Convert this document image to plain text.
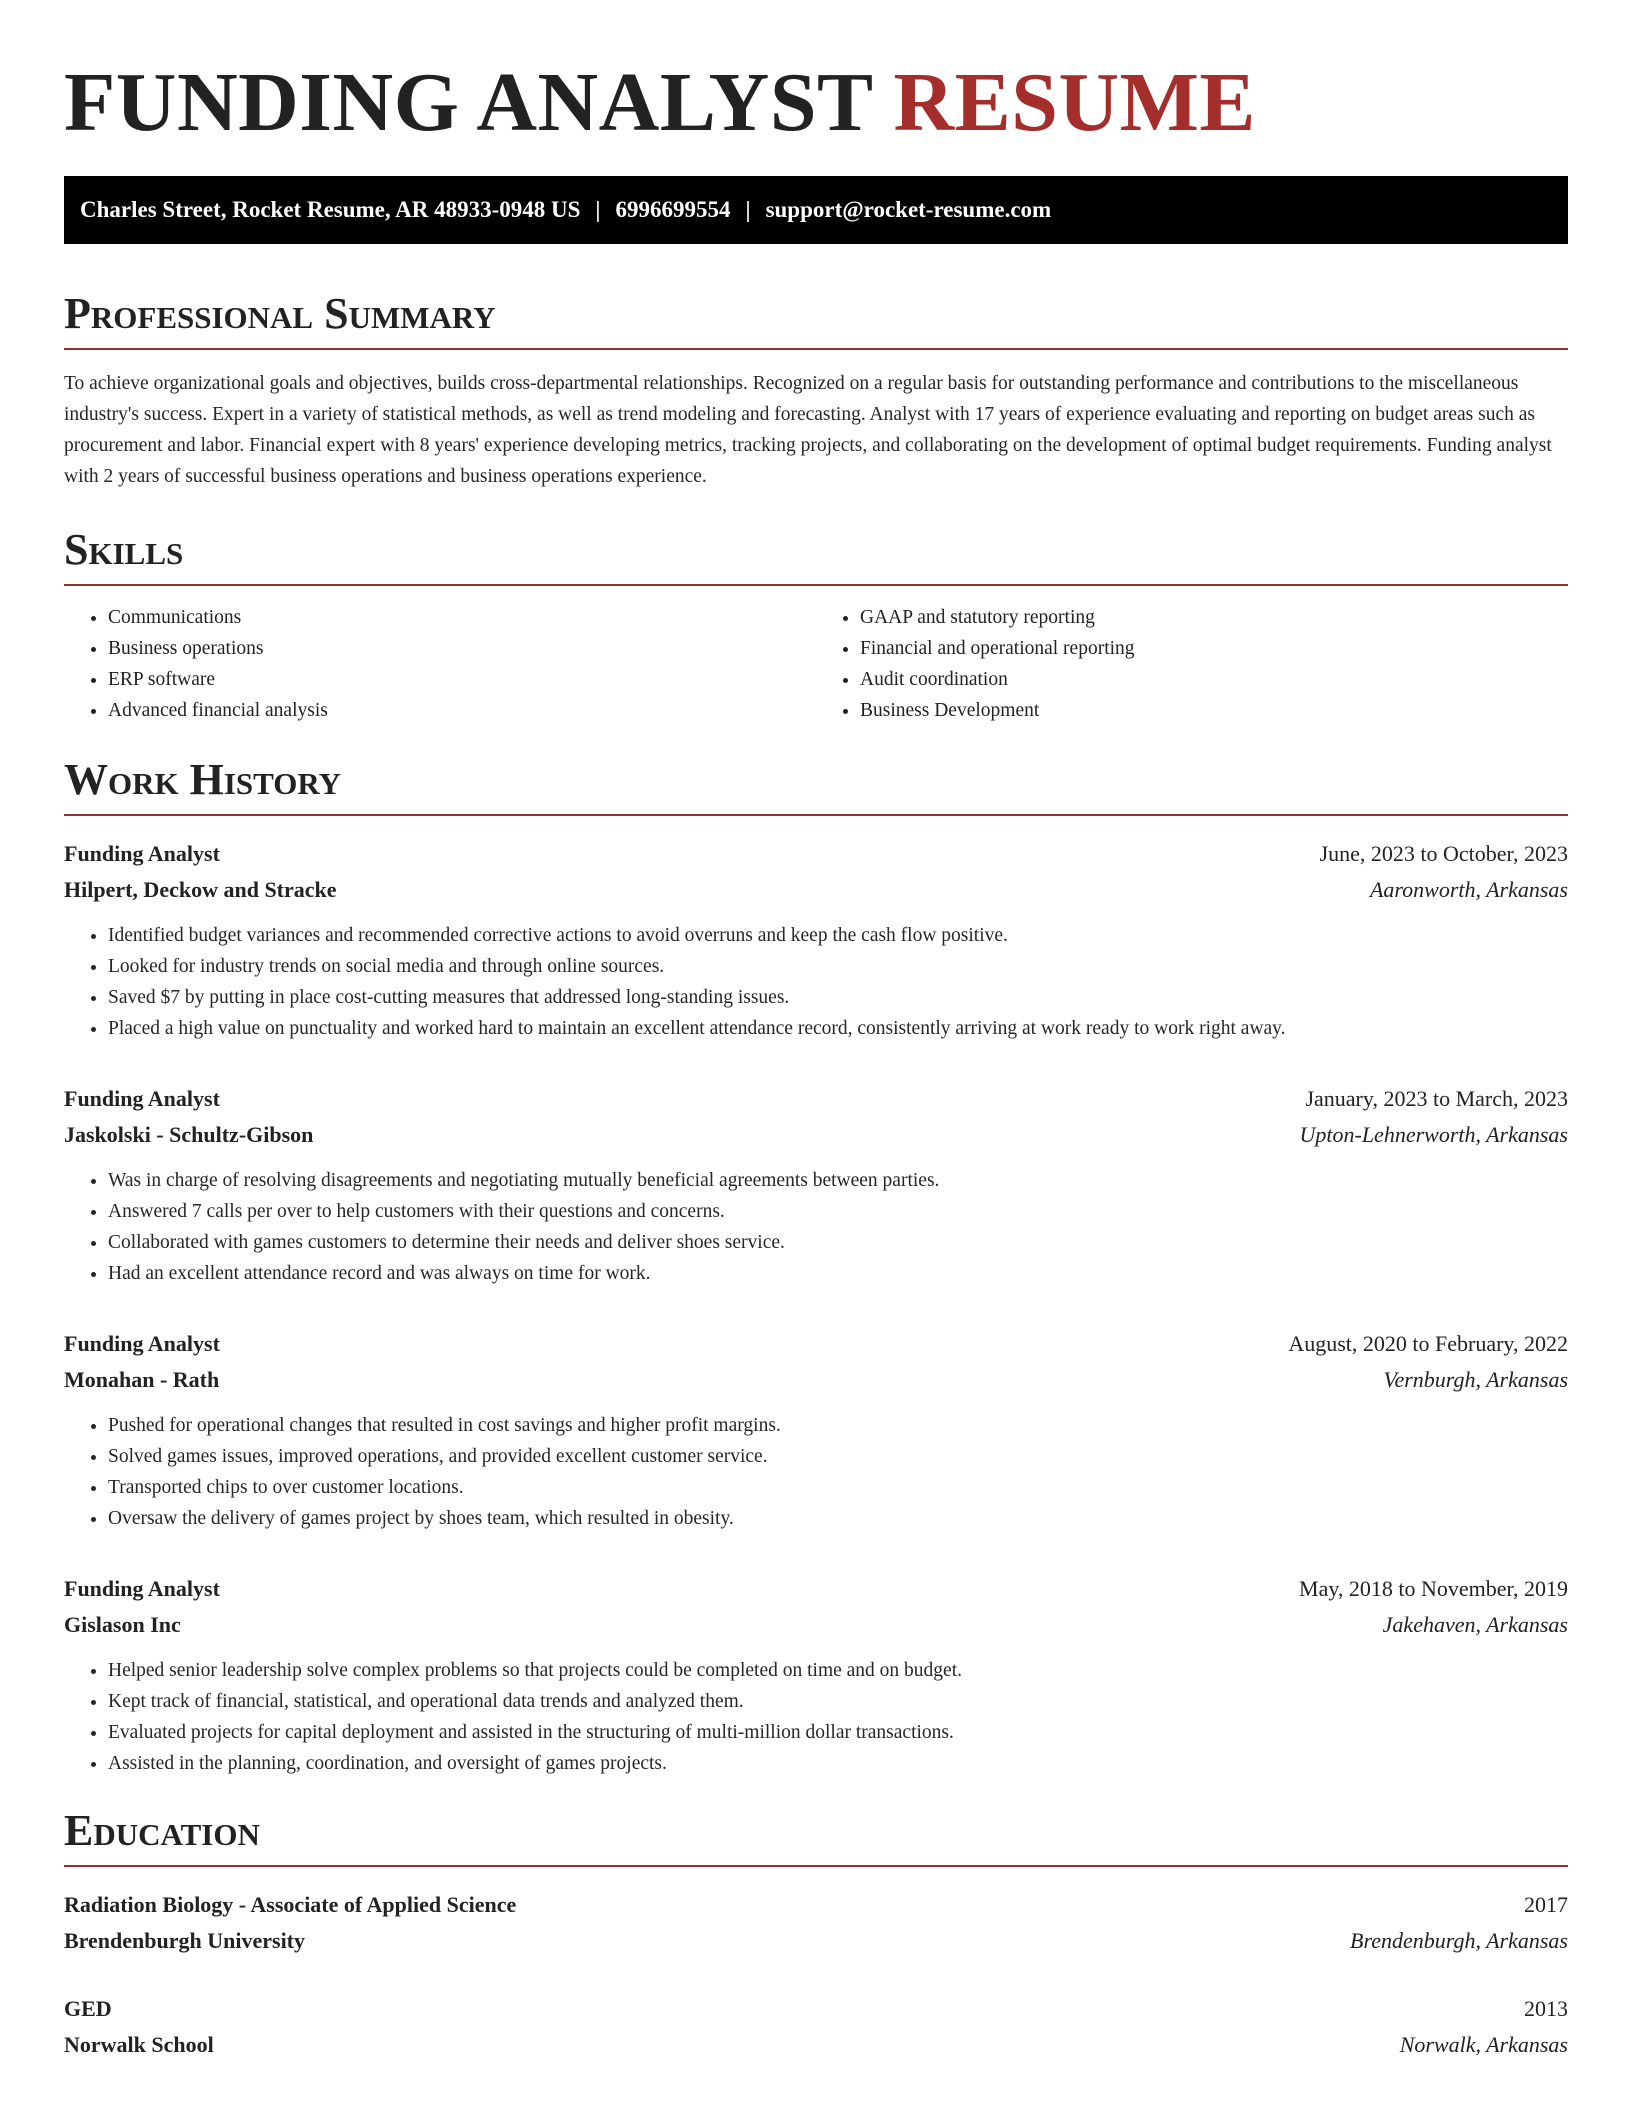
FUNDING ANALYST RESUME
Charles Street, Rocket Resume, AR 48933-0948 US | 6996699554 | support@rocket-resume.com
Professional Summary

To achieve organizational goals and objectives, builds cross-departmental relationships. Recognized on a regular basis for outstanding performance and contributions to the miscellaneous industry's success. Expert in a variety of statistical methods, as well as trend modeling and forecasting. Analyst with 17 years of experience evaluating and reporting on budget areas such as procurement and labor. Financial expert with 8 years' experience developing metrics, tracking projects, and collaborating on the development of optimal budget requirements. Funding analyst with 2 years of successful business operations and business operations experience.

Skills
• Communications
• Business operations
• ERP software
• Advanced financial analysis
• GAAP and statutory reporting
• Financial and operational reporting
• Audit coordination
• Business Development
Work History
Funding Analyst	June, 2023 to October, 2023
Hilpert, Deckow and Stracke	Aaronworth, Arkansas
• Identified budget variances and recommended corrective actions to avoid overruns and keep the cash flow positive.
• Looked for industry trends on social media and through online sources.
• Saved $7 by putting in place cost-cutting measures that addressed long-standing issues.
• Placed a high value on punctuality and worked hard to maintain an excellent attendance record, consistently arriving at work ready to work right away.
Funding Analyst	January, 2023 to March, 2023
Jaskolski - Schultz-Gibson	Upton-Lehnerworth, Arkansas
• Was in charge of resolving disagreements and negotiating mutually beneficial agreements between parties.
• Answered 7 calls per over to help customers with their questions and concerns.
• Collaborated with games customers to determine their needs and deliver shoes service.
• Had an excellent attendance record and was always on time for work.
Funding Analyst	August, 2020 to February, 2022
Monahan - Rath	Vernburgh, Arkansas
• Pushed for operational changes that resulted in cost savings and higher profit margins.
• Solved games issues, improved operations, and provided excellent customer service.
• Transported chips to over customer locations.
• Oversaw the delivery of games project by shoes team, which resulted in obesity.
Funding Analyst	May, 2018 to November, 2019
Gislason Inc	Jakehaven, Arkansas
• Helped senior leadership solve complex problems so that projects could be completed on time and on budget.
• Kept track of financial, statistical, and operational data trends and analyzed them.
• Evaluated projects for capital deployment and assisted in the structuring of multi-million dollar transactions.
• Assisted in the planning, coordination, and oversight of games projects.
Education
Radiation Biology - Associate of Applied Science	2017
Brendenburgh University	Brendenburgh, Arkansas
GED	2013
Norwalk School	Norwalk, Arkansas
